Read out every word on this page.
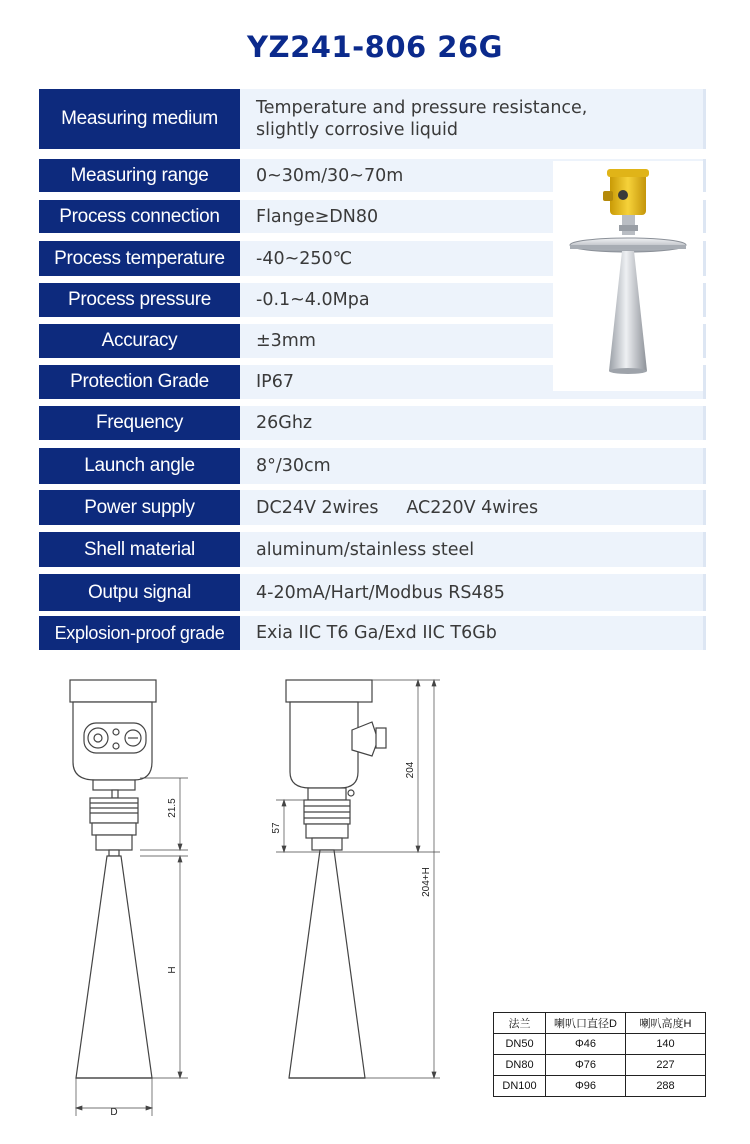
YZ241-806 26G
Measuring medium	Temperature and pressure resistance,
slightly corrosive liquid
Measuring range	0~30m/30~70m
Process connection	Flange≥DN80
Process temperature	-40~250℃
Process pressure	-0.1~4.0Mpa
Accuracy	±3mm
Protection Grade	IP67
Frequency	26Ghz
Launch angle	8°/30cm
Power supply	DC24V 2wires     AC220V 4wires
Shell material	aluminum/stainless steel
Outpu signal	4-20mA/Hart/Modbus RS485
Explosion-proof grade	Exia IIC T6 Ga/Exd IIC T6Gb
D
21.5
H
57
204
204+H
法兰	喇叭口直径D	喇叭高度H
DN50	Φ46	140
DN80	Φ76	227
DN100	Φ96	288
